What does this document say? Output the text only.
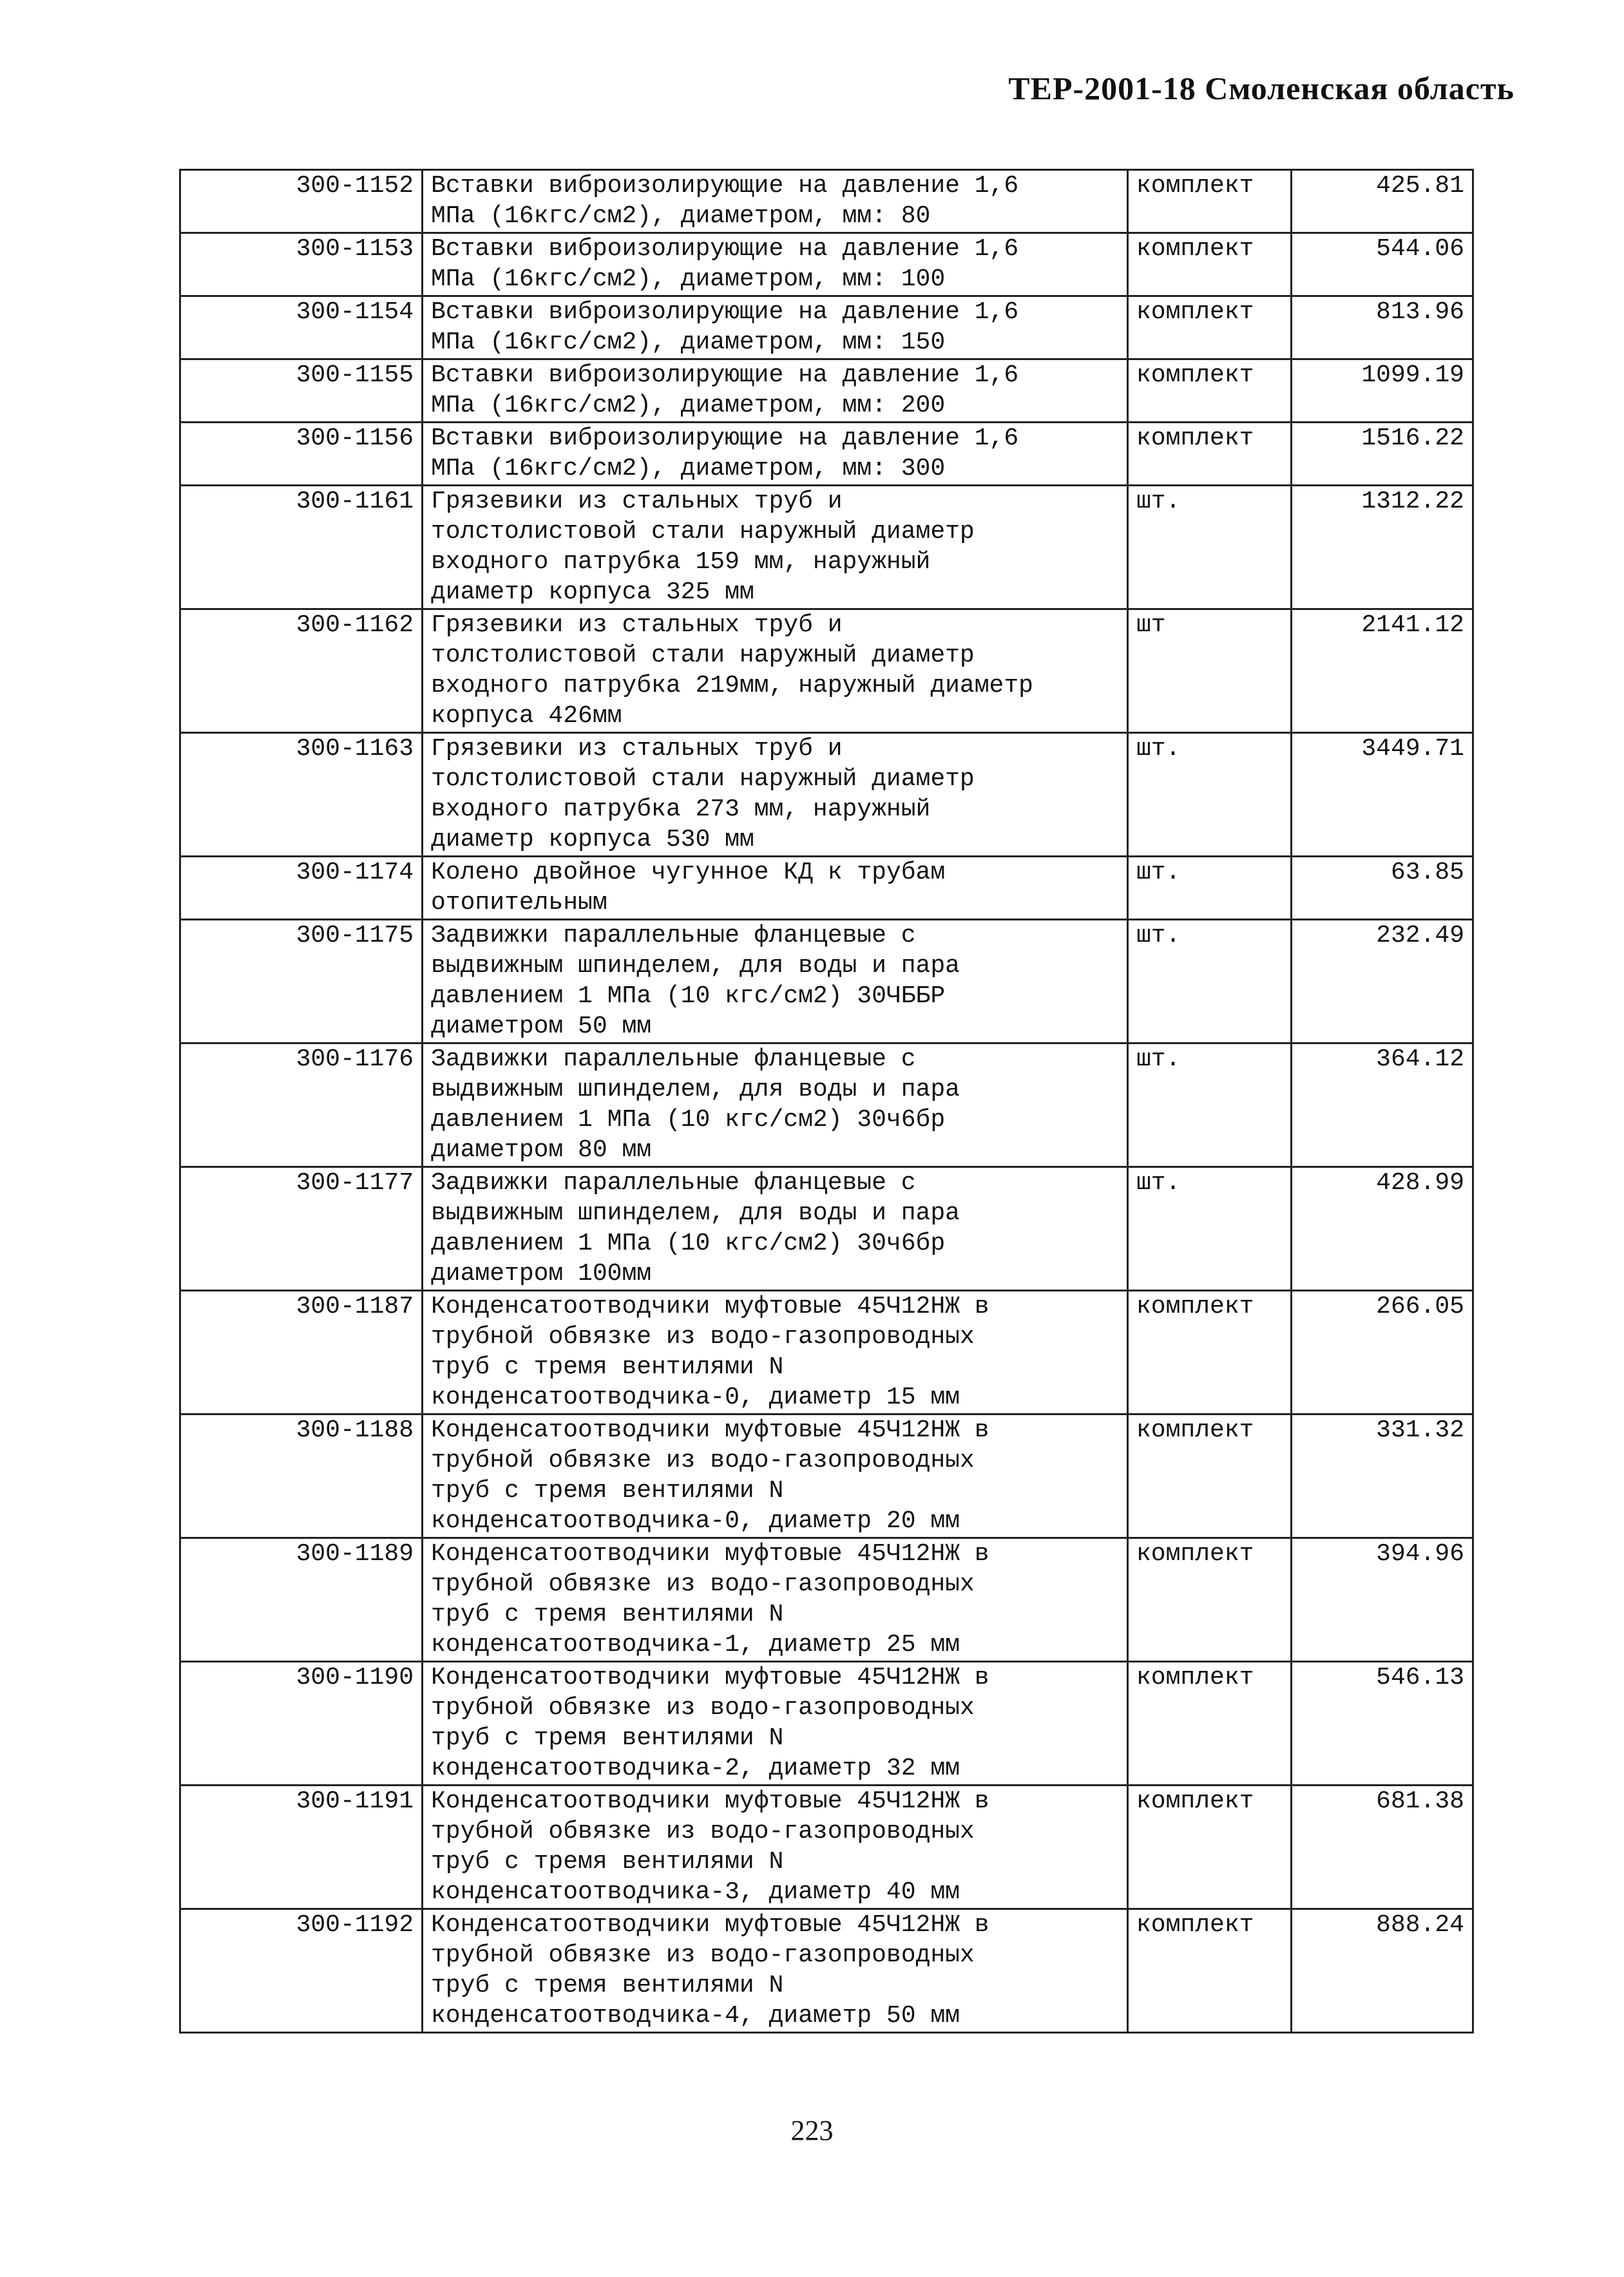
ТЕР-2001-18 Смоленская область
300-1152	Вставки виброизолирующие на давление 1,6
МПа (16кгс/см2), диаметром, мм: 80	комплект	425.81
300-1153	Вставки виброизолирующие на давление 1,6
МПа (16кгс/см2), диаметром, мм: 100	комплект	544.06
300-1154	Вставки виброизолирующие на давление 1,6
МПа (16кгс/см2), диаметром, мм: 150	комплект	813.96
300-1155	Вставки виброизолирующие на давление 1,6
МПа (16кгс/см2), диаметром, мм: 200	комплект	1099.19
300-1156	Вставки виброизолирующие на давление 1,6
МПа (16кгс/см2), диаметром, мм: 300	комплект	1516.22
300-1161	Грязевики из стальных труб и
толстолистовой стали наружный диаметр
входного патрубка 159 мм, наружный
диаметр корпуса 325 мм	шт.	1312.22
300-1162	Грязевики из стальных труб и
толстолистовой стали наружный диаметр
входного патрубка 219мм, наружный диаметр
корпуса 426мм	шт	2141.12
300-1163	Грязевики из стальных труб и
толстолистовой стали наружный диаметр
входного патрубка 273 мм, наружный
диаметр корпуса 530 мм	шт.	3449.71
300-1174	Колено двойное чугунное КД к трубам
отопительным	шт.	63.85
300-1175	Задвижки параллельные фланцевые с
выдвижным шпинделем, для воды и пара
давлением 1 МПа (10 кгс/см2) 30ЧББР
диаметром 50 мм	шт.	232.49
300-1176	Задвижки параллельные фланцевые с
выдвижным шпинделем, для воды и пара
давлением 1 МПа (10 кгс/см2) 30ч6бр
диаметром 80 мм	шт.	364.12
300-1177	Задвижки параллельные фланцевые с
выдвижным шпинделем, для воды и пара
давлением 1 МПа (10 кгс/см2) 30ч6бр
диаметром 100мм	шт.	428.99
300-1187	Конденсатоотводчики муфтовые 45Ч12НЖ в
трубной обвязке из водо-газопроводных
труб с тремя вентилями N
конденсатоотводчика-0, диаметр 15 мм	комплект	266.05
300-1188	Конденсатоотводчики муфтовые 45Ч12НЖ в
трубной обвязке из водо-газопроводных
труб с тремя вентилями N
конденсатоотводчика-0, диаметр 20 мм	комплект	331.32
300-1189	Конденсатоотводчики муфтовые 45Ч12НЖ в
трубной обвязке из водо-газопроводных
труб с тремя вентилями N
конденсатоотводчика-1, диаметр 25 мм	комплект	394.96
300-1190	Конденсатоотводчики муфтовые 45Ч12НЖ в
трубной обвязке из водо-газопроводных
труб с тремя вентилями N
конденсатоотводчика-2, диаметр 32 мм	комплект	546.13
300-1191	Конденсатоотводчики муфтовые 45Ч12НЖ в
трубной обвязке из водо-газопроводных
труб с тремя вентилями N
конденсатоотводчика-3, диаметр 40 мм	комплект	681.38
300-1192	Конденсатоотводчики муфтовые 45Ч12НЖ в
трубной обвязке из водо-газопроводных
труб с тремя вентилями N
конденсатоотводчика-4, диаметр 50 мм	комплект	888.24
223
